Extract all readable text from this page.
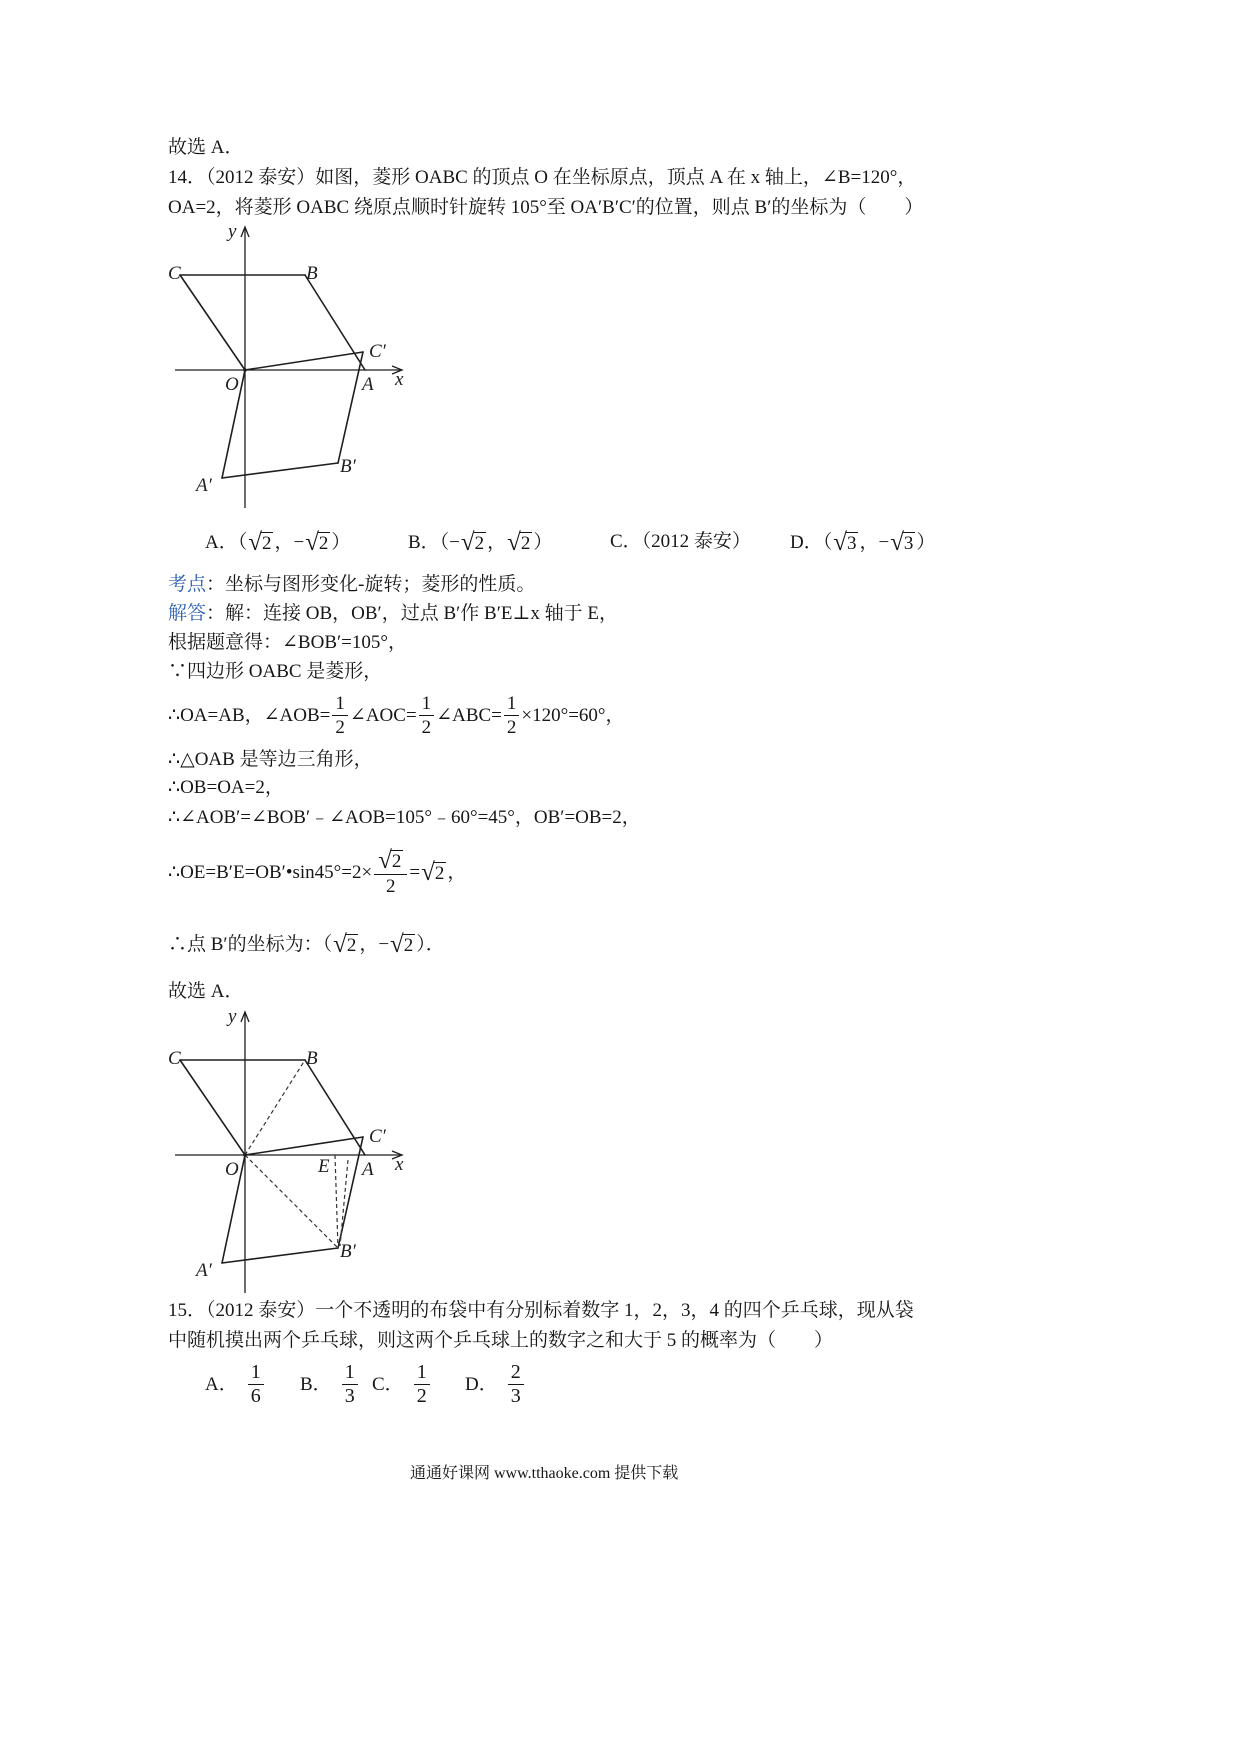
故选 A．
14．（2012 泰安）如图，菱形 OABC 的顶点 O 在坐标原点，顶点 A 在 x 轴上，∠B=120°，
OA=2，将菱形 OABC 绕原点顺时针旋转 105°至 OA′B′C′的位置，则点 B′的坐标为（　　）
y
x
C	B
C′
O	A
B′
A′
A．（ √ 2 ，− √ 2 ）	B．（− √ 2 ， √ 2 ）	C．（2012 泰安） D．（ √ 3 ，− √ 3 ）
考点：坐标与图形变化-旋转；菱形的性质。
解答：解：连接 OB，OB′，过点 B′作 B′E⊥x 轴于 E，
根据题意得：∠BOB′=105°，
∵四边形 OABC 是菱形，
∴OA=AB，∠AOB= $\frac{1}{2}$ ∠AOC= $\frac{1}{2}$ ∠ABC= $\frac{1}{2} \times 120^\circ=60^\circ$，
∴△OAB 是等边三角形，
∴OB=OA=2，
∴∠AOB′=∠BOB′﹣∠AOB=105°﹣60°=45°，OB′=OB=2，
∴OE=B′E=OB′•sin45°=2× $\frac{√ 2}{2}$ = √ 2 ，
∴点 B′的坐标为：（ √ 2 ，− √ 2 ）．
故选 A．
y
x
C	B
C′
O	E A
B′
A′
15．（2012 泰安）一个不透明的布袋中有分别标着数字 1，2，3，4 的四个乒乓球，现从袋
中随机摸出两个乒乓球，则这两个乒乓球上的数字之和大于 5 的概率为（　　）
A． $\frac{1}{6}$ B． $\frac{1}{3}$ C． $\frac{1}{2}$ D． $\frac{2}{3}$
通通好课网 www.tthaoke.com 提供下载
